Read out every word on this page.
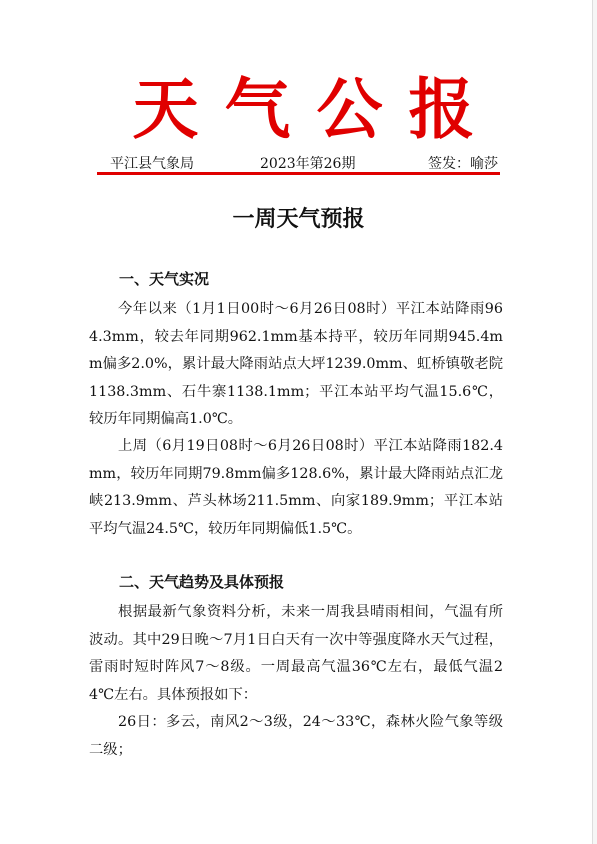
天气公报
平江县气象局	2023年第26期	签发：喻莎
一周天气预报
一、天气实况

今年以来（1月1日00时～6月26日08时）平江本站降雨964.3mm，较去年同期962.1mm基本持平，较历年同期945.4mm偏多2.0%，累计最大降雨站点大坪1239.0mm、虹桥镇敬老院1138.3mm、石牛寨1138.1mm；平江本站平均气温15.6℃，较历年同期偏高1.0℃。

上周（6月19日08时～6月26日08时）平江本站降雨182.4mm，较历年同期79.8mm偏多128.6%，累计最大降雨站点汇龙峡213.9mm、芦头林场211.5mm、向家189.9mm；平江本站平均气温24.5℃，较历年同期偏低1.5℃。

二、天气趋势及具体预报

根据最新气象资料分析，未来一周我县晴雨相间，气温有所波动。其中29日晚～7月1日白天有一次中等强度降水天气过程，雷雨时短时阵风7～8级。一周最高气温36℃左右，最低气温24℃左右。具体预报如下：

26日：多云，南风2～3级，24～33℃，森林火险气象等级二级；
